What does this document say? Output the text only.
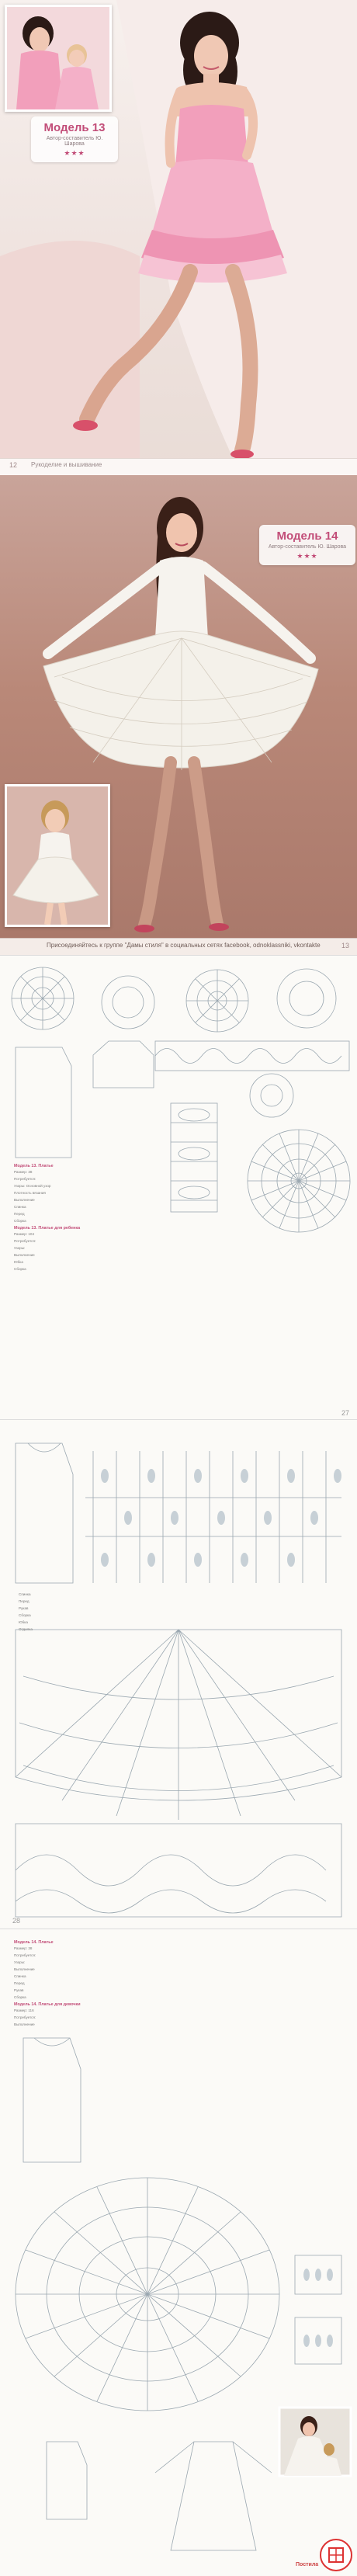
Модель 13
Автор-составитель Ю. Шарова
★★★
12 Рукоделие и вышивание
Модель 14
Автор-составитель Ю. Шарова
★★★
Присоединяйтесь к группе "Дамы стиля" в социальных сетях facebook, odnoklassniki, vkontakte	13
Модель 13. Платье
Размер: 38
Потребуется:
Узоры: Основной узор
Плотность вязания
Выполнение
Спинка
Перед
Сборка
Модель 13. Платье для ребенка
Размер: 104
Потребуется:
Узоры:
Выполнение
Юбка
Сборка
27
Спинка
Перед
Рукав
Сборка
Юбка
Отделка
28
Модель 14. Платье
Размер: 38
Потребуется:
Узоры:
Выполнение
Спинка
Перед
Рукав
Сборка
Модель 14. Платье для девочки
Размер: 116
Потребуется:
Выполнение
Постила
